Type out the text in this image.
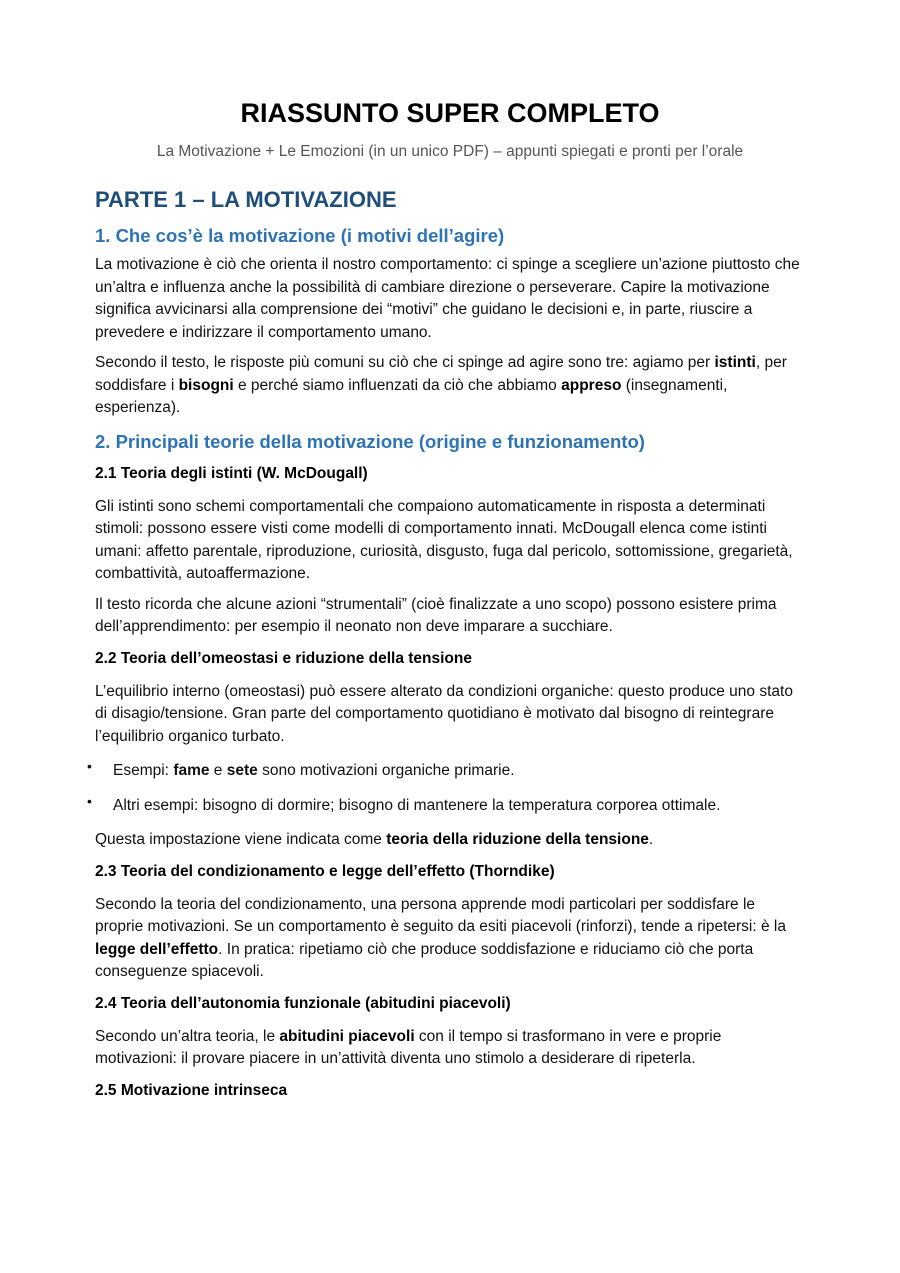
RIASSUNTO SUPER COMPLETO

La Motivazione + Le Emozioni (in un unico PDF) – appunti spiegati e pronti per l’orale

PARTE 1 – LA MOTIVAZIONE
1. Che cos’è la motivazione (i motivi dell’agire)

La motivazione è ciò che orienta il nostro comportamento: ci spinge a scegliere un’azione piuttosto che un’altra e influenza anche la possibilità di cambiare direzione o perseverare. Capire la motivazione significa avvicinarsi alla comprensione dei “motivi” che guidano le decisioni e, in parte, riuscire a prevedere e indirizzare il comportamento umano.

Secondo il testo, le risposte più comuni su ciò che ci spinge ad agire sono tre: agiamo per istinti, per soddisfare i bisogni e perché siamo influenzati da ciò che abbiamo appreso (insegnamenti, esperienza).

2. Principali teorie della motivazione (origine e funzionamento)
2.1 Teoria degli istinti (W. McDougall)

Gli istinti sono schemi comportamentali che compaiono automaticamente in risposta a determinati stimoli: possono essere visti come modelli di comportamento innati. McDougall elenca come istinti umani: affetto parentale, riproduzione, curiosità, disgusto, fuga dal pericolo, sottomissione, gregarietà, combattività, autoaffermazione.

Il testo ricorda che alcune azioni “strumentali” (cioè finalizzate a uno scopo) possono esistere prima dell’apprendimento: per esempio il neonato non deve imparare a succhiare.

2.2 Teoria dell’omeostasi e riduzione della tensione

L’equilibrio interno (omeostasi) può essere alterato da condizioni organiche: questo produce uno stato di disagio/tensione. Gran parte del comportamento quotidiano è motivato dal bisogno di reintegrare l’equilibrio organico turbato.

• Esempi: fame e sete sono motivazioni organiche primarie.
• Altri esempi: bisogno di dormire; bisogno di mantenere la temperatura corporea ottimale.

Questa impostazione viene indicata come teoria della riduzione della tensione.

2.3 Teoria del condizionamento e legge dell’effetto (Thorndike)

Secondo la teoria del condizionamento, una persona apprende modi particolari per soddisfare le proprie motivazioni. Se un comportamento è seguito da esiti piacevoli (rinforzi), tende a ripetersi: è la legge dell’effetto. In pratica: ripetiamo ciò che produce soddisfazione e riduciamo ciò che porta conseguenze spiacevoli.

2.4 Teoria dell’autonomia funzionale (abitudini piacevoli)

Secondo un’altra teoria, le abitudini piacevoli con il tempo si trasformano in vere e proprie motivazioni: il provare piacere in un’attività diventa uno stimolo a desiderare di ripeterla.

2.5 Motivazione intrinseca
